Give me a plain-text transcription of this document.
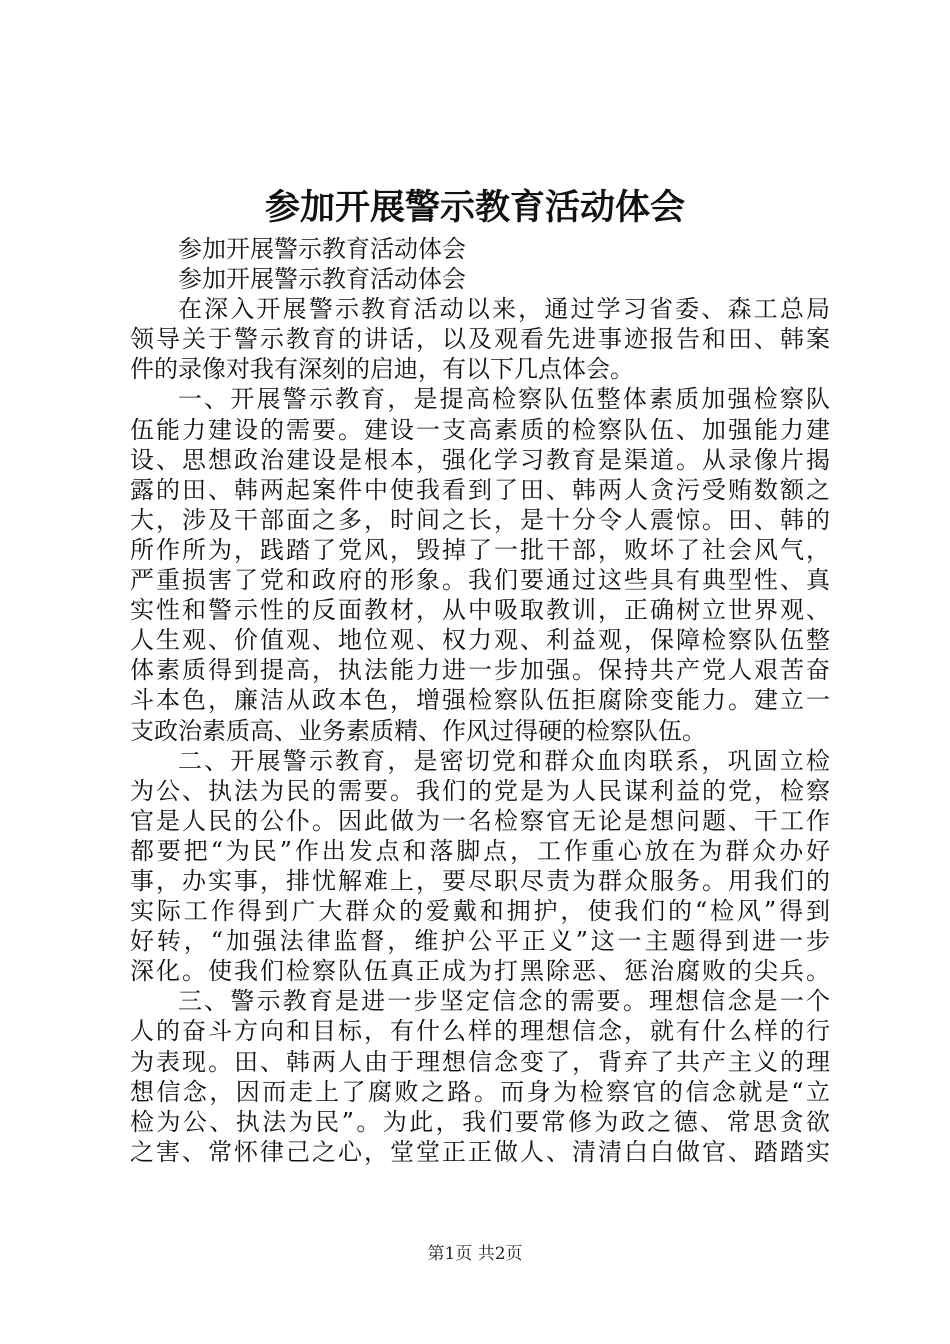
参加开展警示教育活动体会
参加开展警示教育活动体会
参加开展警示教育活动体会
在深入开展警示教育活动以来，通过学习省委、森工总局
领导关于警示教育的讲话，以及观看先进事迹报告和田、韩案
件的录像对我有深刻的启迪，有以下几点体会。
一、开展警示教育，是提高检察队伍整体素质加强检察队
伍能力建设的需要。建设一支高素质的检察队伍、加强能力建
设、思想政治建设是根本，强化学习教育是渠道。从录像片揭
露的田、韩两起案件中使我看到了田、韩两人贪污受贿数额之
大，涉及干部面之多，时间之长，是十分令人震惊。田、韩的
所作所为，践踏了党风，毁掉了一批干部，败坏了社会风气，
严重损害了党和政府的形象。我们要通过这些具有典型性、真
实性和警示性的反面教材，从中吸取教训，正确树立世界观、
人生观、价值观、地位观、权力观、利益观，保障检察队伍整
体素质得到提高，执法能力进一步加强。保持共产党人艰苦奋
斗本色，廉洁从政本色，增强检察队伍拒腐除变能力。建立一
支政治素质高、业务素质精、作风过得硬的检察队伍。
二、开展警示教育，是密切党和群众血肉联系，巩固立检
为公、执法为民的需要。我们的党是为人民谋利益的党，检察
官是人民的公仆。因此做为一名检察官无论是想问题、干工作
都要把“为民”作出发点和落脚点，工作重心放在为群众办好
事，办实事，排忧解难上，要尽职尽责为群众服务。用我们的
实际工作得到广大群众的爱戴和拥护，使我们的“检风”得到
好转，“加强法律监督，维护公平正义”这一主题得到进一步
深化。使我们检察队伍真正成为打黑除恶、惩治腐败的尖兵。
三、警示教育是进一步坚定信念的需要。理想信念是一个
人的奋斗方向和目标，有什么样的理想信念，就有什么样的行
为表现。田、韩两人由于理想信念变了，背弃了共产主义的理
想信念，因而走上了腐败之路。而身为检察官的信念就是“立
检为公、执法为民”。为此，我们要常修为政之德、常思贪欲
之害、常怀律己之心，堂堂正正做人、清清白白做官、踏踏实
第1页 共2页
